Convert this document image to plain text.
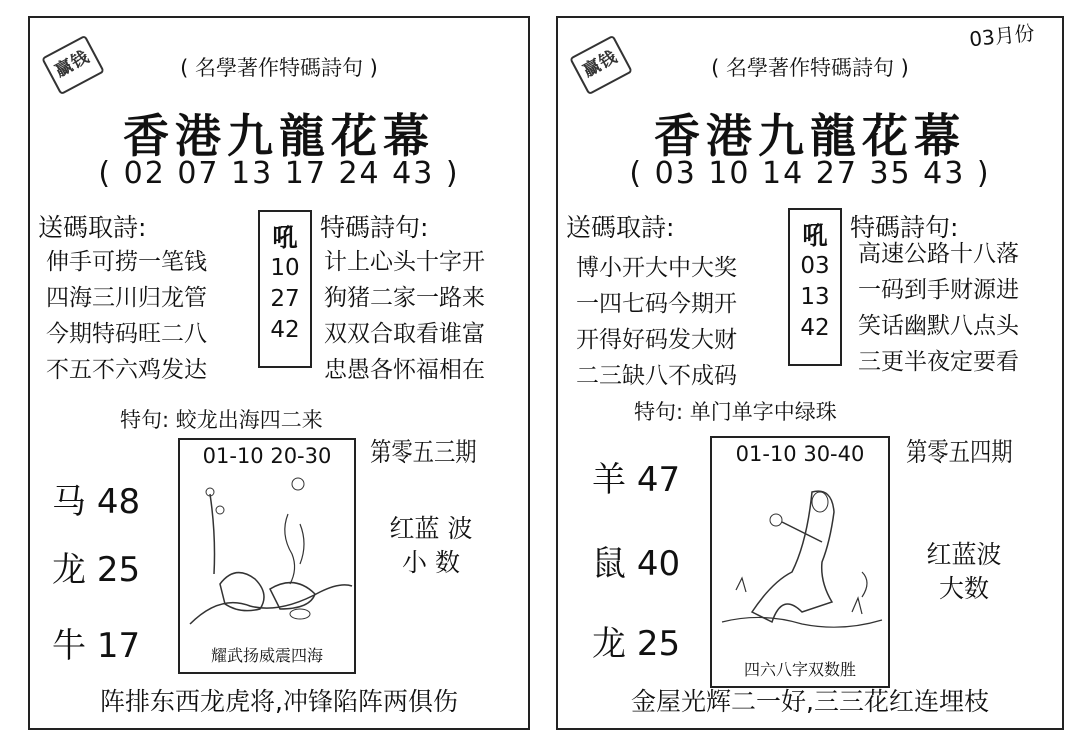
贏钱	( 名學著作特碼詩句 )
香港九龍花幕
( 02 07 13 17 24 43 )
送碼取詩:
伸手可捞一笔钱
四海三川归龙管
今期特码旺二八
不五不六鸡发达
吼
10
27
42
特碼詩句:
计上心头十字开
狗猪二家一路来
双双合取看谁富
忠愚各怀福相在
特句: 蛟龙出海四二来
马 48
龙 25
牛 17
01-10 20-30
耀武扬威震四海
第零五三期
红蓝 波
小 数
阵排东西龙虎将,冲锋陷阵两俱伤
贏钱
03月份
( 名學著作特碼詩句 )
香港九龍花幕
( 03 10 14 27 35 43 )
送碼取詩:
博小开大中大奖
一四七码今期开
开得好码发大财
二三缺八不成码
吼
03
13
42
特碼詩句:
高速公路十八落
一码到手财源进
笑话幽默八点头
三更半夜定要看
特句: 单门单字中绿珠
羊 47
鼠 40
龙 25
01-10 30-40
四六八字双数胜
第零五四期
红蓝波
大数
金屋光辉二一好,三三花红连埋枝
